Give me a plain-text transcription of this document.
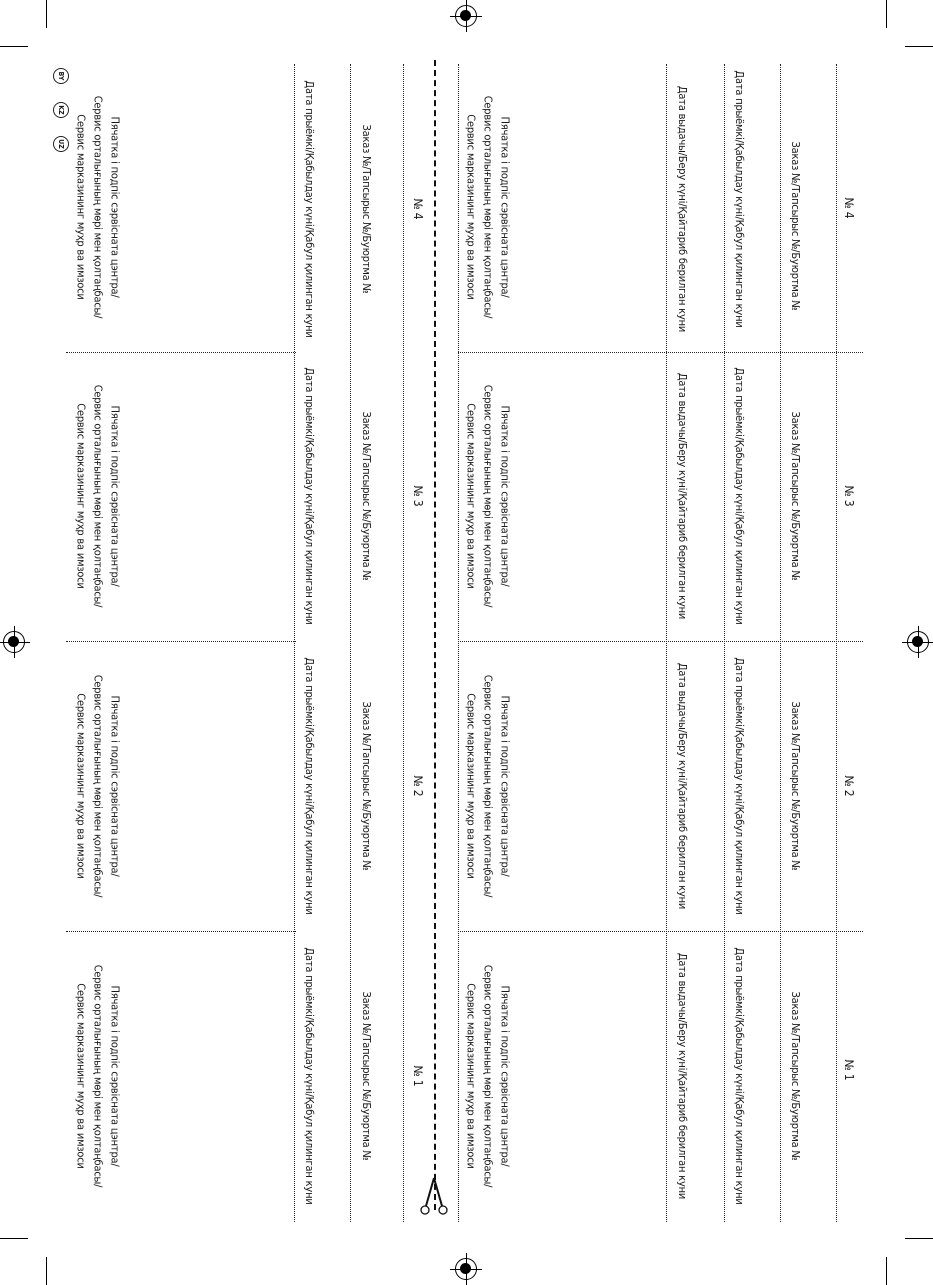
BY
KZ
UZ	Пячатка і подпіс сэрвісната цэнтра/
Сервис орталығының мөрі мен қолтаңбасы/
Сервис марказининг муҳр ва имзоси	Дата прыёмкі/Қабылдау күні/Қабул қилинган куни	Заказ №/Тапсырыс №/Буюртма №	№ 4	Пячатка і подпіс сэрвісната цэнтра/
Сервис орталығының мөрі мен қолтаңбасы/
Сервис марказининг муҳр ва имзоси	Дата выдачы/Беру күні/Қайтариб берилган куни	Дата прыёмкі/Қабылдау күні/Қабул қилинган куни	Заказ №/Тапсырыс №/Буюртма №	№ 4
Пячатка і подпіс сэрвісната цэнтра/
Сервис орталығының мөрі мен қолтаңбасы/
Сервис марказининг муҳр ва имзоси	Дата прыёмкі/Қабылдау күні/Қабул қилинган куни	Заказ №/Тапсырыс №/Буюртма №	№ 3	Пячатка і подпіс сэрвісната цэнтра/
Сервис орталығының мөрі мен қолтаңбасы/
Сервис марказининг муҳр ва имзоси	Дата выдачы/Беру күні/Қайтариб берилган куни	Дата прыёмкі/Қабылдау күні/Қабул қилинган куни	Заказ №/Тапсырыс №/Буюртма №	№ 3
Пячатка і подпіс сэрвісната цэнтра/
Сервис орталығының мөрі мен қолтаңбасы/
Сервис марказининг муҳр ва имзоси	Дата прыёмкі/Қабылдау күні/Қабул қилинган куни	Заказ №/Тапсырыс №/Буюртма №	№ 2	Пячатка і подпіс сэрвісната цэнтра/
Сервис орталығының мөрі мен қолтаңбасы/
Сервис марказининг муҳр ва имзоси	Дата выдачы/Беру күні/Қайтариб берилган куни	Дата прыёмкі/Қабылдау күні/Қабул қилинган куни	Заказ №/Тапсырыс №/Буюртма №	№ 2
Пячатка і подпіс сэрвісната цэнтра/
Сервис орталығының мөрі мен қолтаңбасы/
Сервис марказининг муҳр ва имзоси	Дата прыёмкі/Қабылдау күні/Қабул қилинган куни	Заказ №/Тапсырыс №/Буюртма №	№ 1	Пячатка і подпіс сэрвісната цэнтра/
Сервис орталығының мөрі мен қолтаңбасы/
Сервис марказининг муҳр ва имзоси	Дата выдачы/Беру күні/Қайтариб берилган куни	Дата прыёмкі/Қабылдау күні/Қабул қилинган куни	Заказ №/Тапсырыс №/Буюртма №	№ 1
